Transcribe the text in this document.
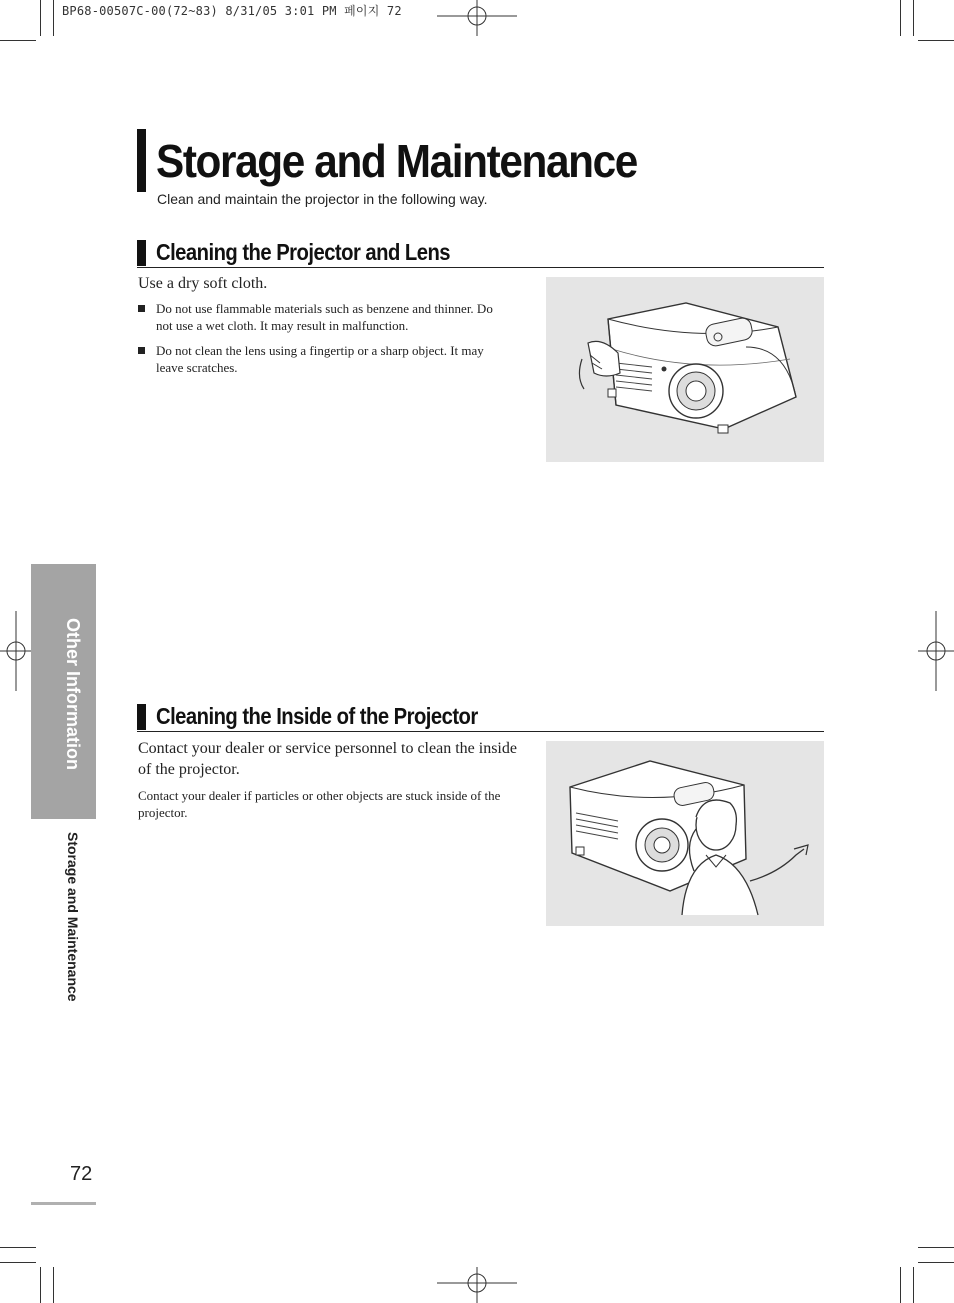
BP68-00507C-00(72~83) 8/31/05 3:01 PM 페이지 72
Storage and Maintenance
Clean and maintain the projector in the following way.
Cleaning the Projector and Lens
Use a dry soft cloth.
Do not use flammable materials such as benzene and thinner. Do not use a wet cloth. It may result in malfunction.
Do not clean the lens using a fingertip or a sharp object. It may leave scratches.
Cleaning the Inside of the Projector
Contact your dealer or service personnel to clean the inside of the projector.
Contact your dealer if particles or other objects are stuck inside of the projector.
Other Information
Storage and Maintenance
72
